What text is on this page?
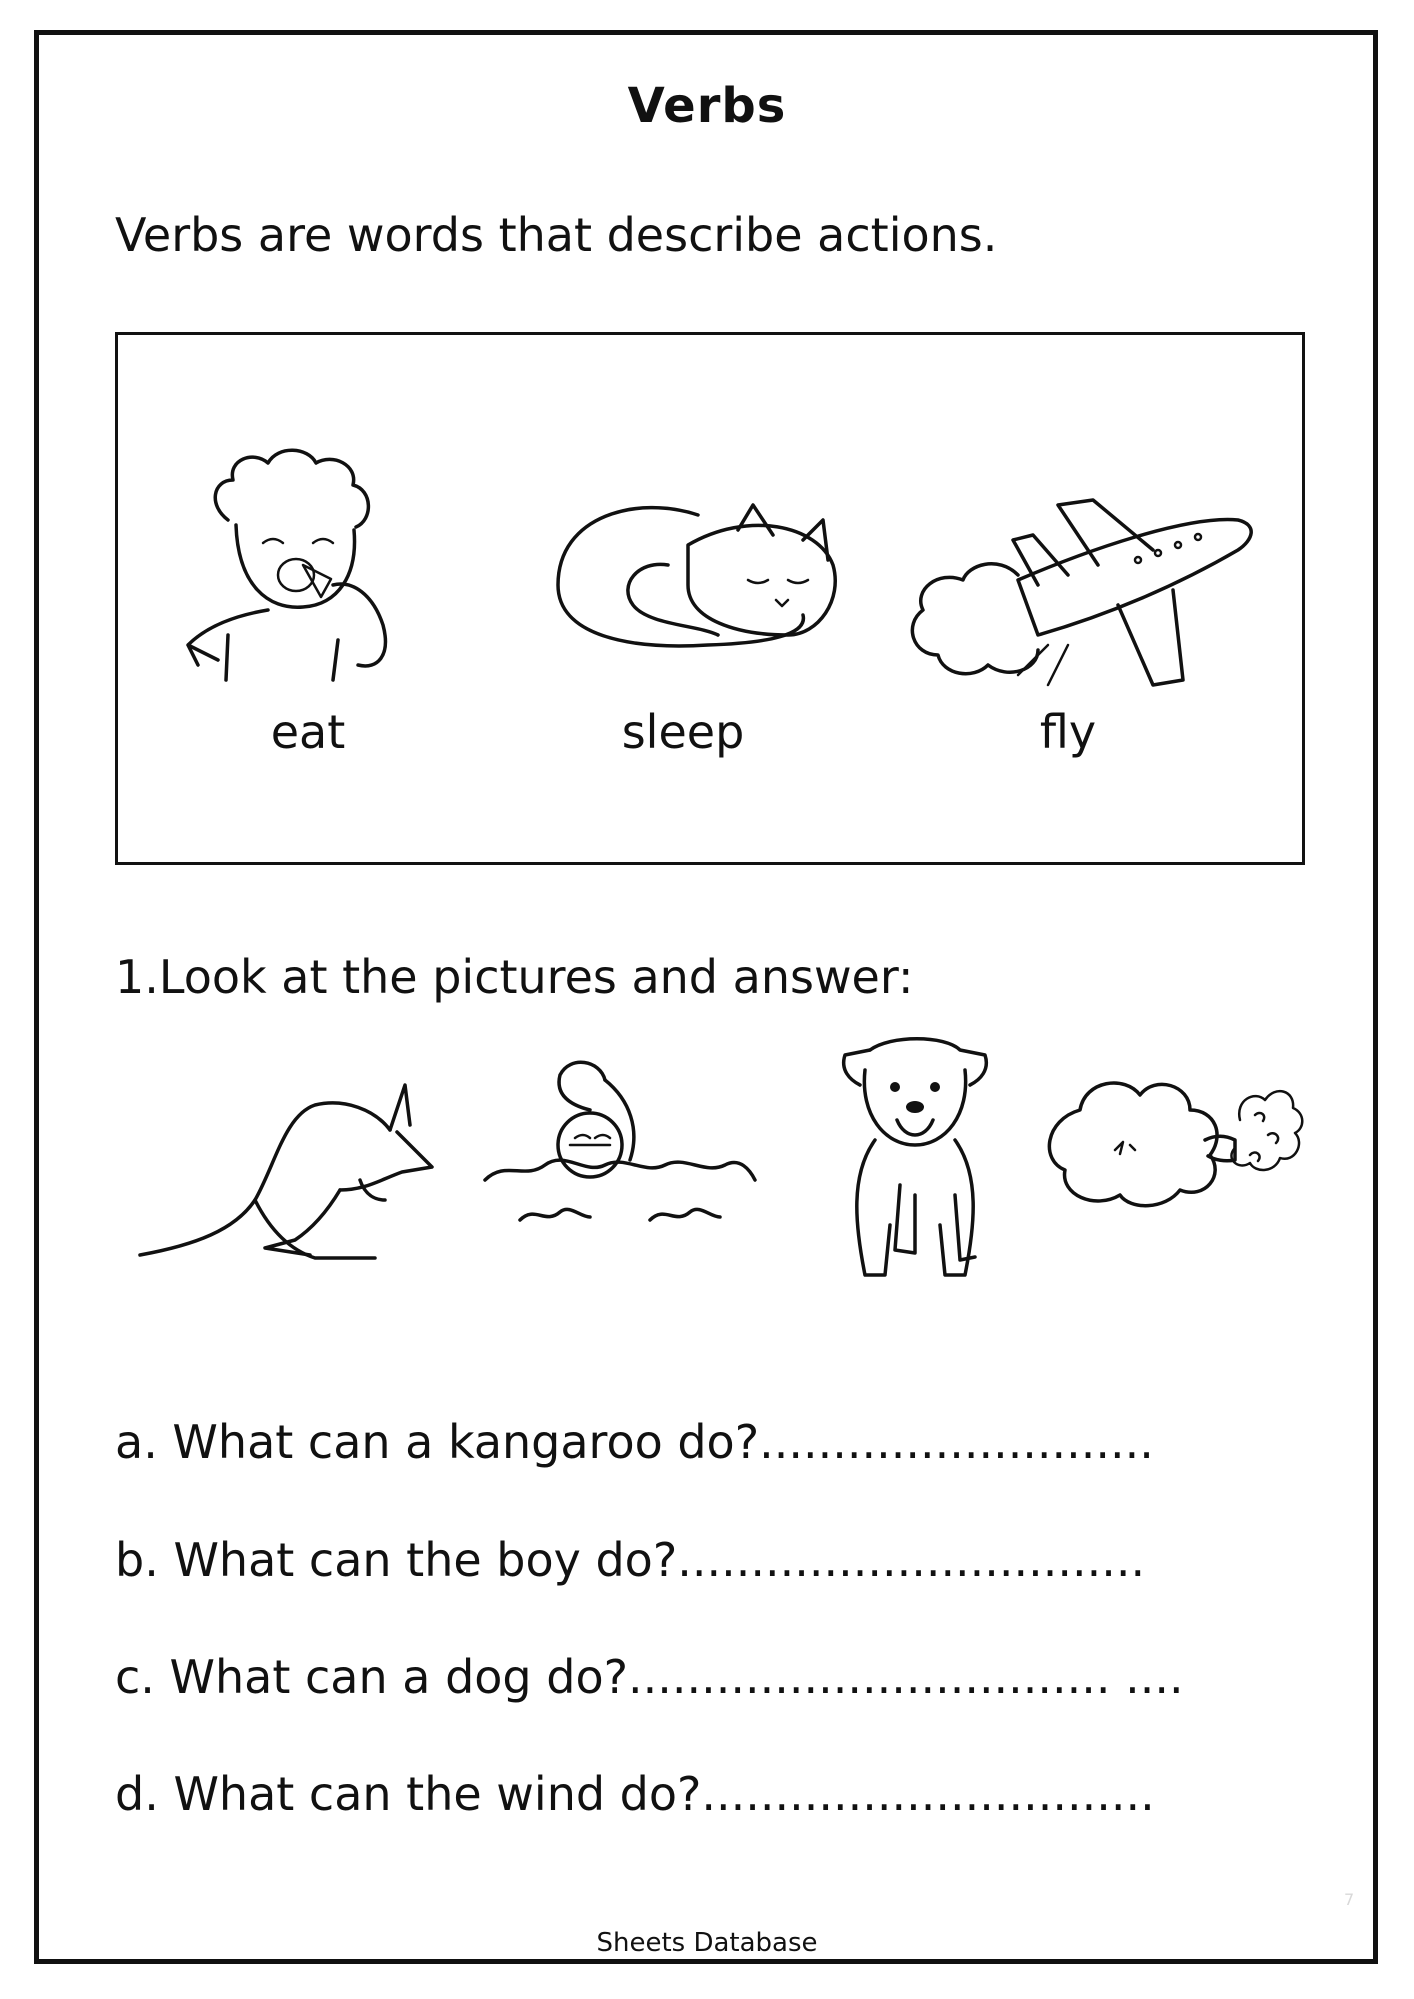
Verbs
Verbs are words that describe actions.
eat	sleep	fly
1.Look at the pictures and answer:
a. What can a kangaroo do?...........................
b. What can the boy do?................................
c. What can a dog do?................................. ....
d. What can the wind do?...............................
7
Sheets Database
